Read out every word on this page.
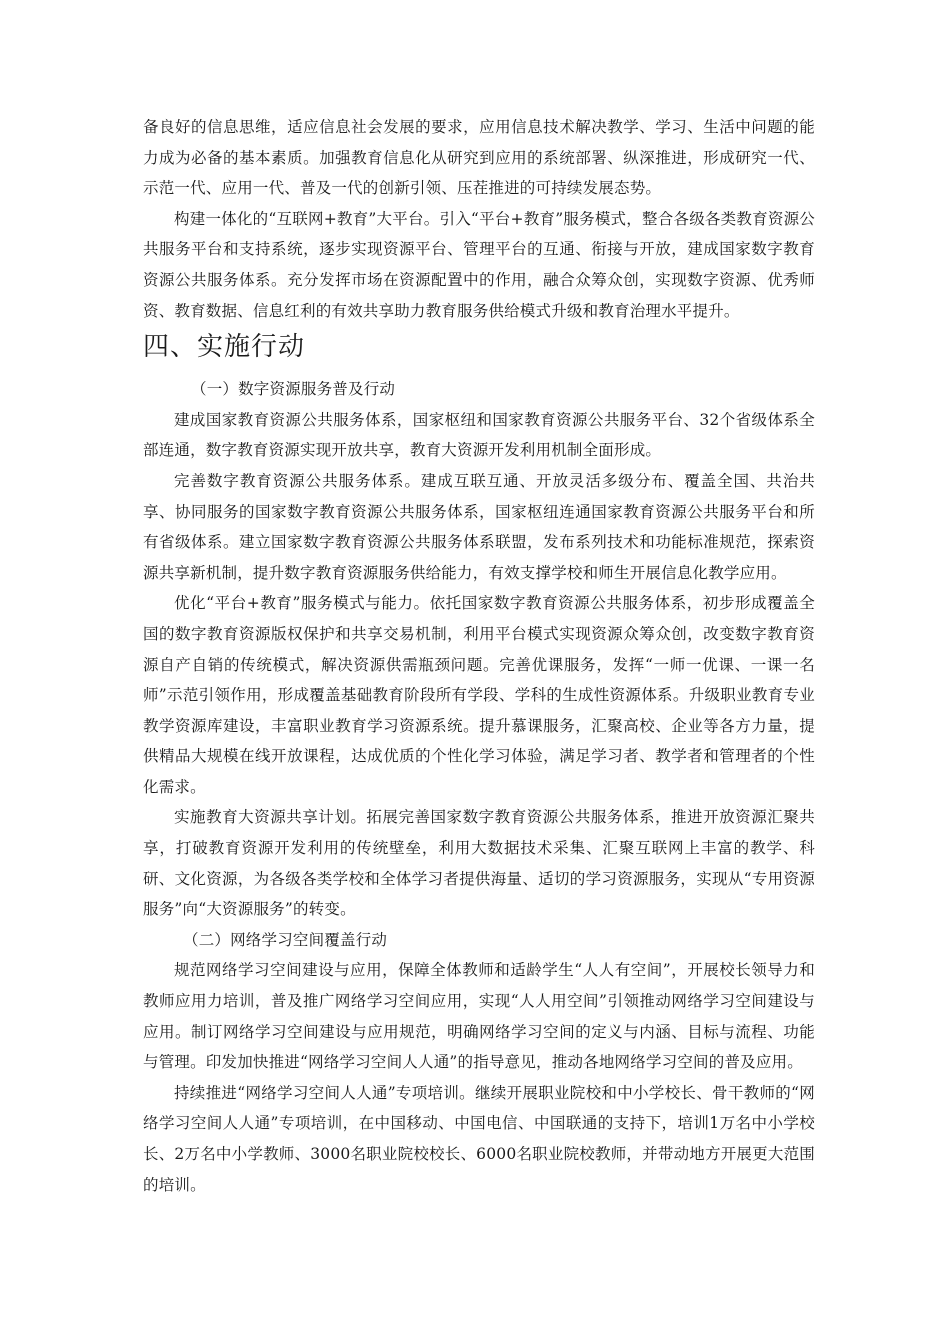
备良好的信息思维，适应信息社会发展的要求，应用信息技术解决教学、学习、生活中问题的能力成为必备的基本素质。加强教育信息化从研究到应用的系统部署、纵深推进，形成研究一代、示范一代、应用一代、普及一代的创新引领、压茬推进的可持续发展态势。

构建一体化的“互联网+教育”大平台。引入“平台+教育”服务模式，整合各级各类教育资源公共服务平台和支持系统，逐步实现资源平台、管理平台的互通、衔接与开放，建成国家数字教育资源公共服务体系。充分发挥市场在资源配置中的作用，融合众筹众创，实现数字资源、优秀师资、教育数据、信息红利的有效共享助力教育服务供给模式升级和教育治理水平提升。

四、实施行动
（一）数字资源服务普及行动

建成国家教育资源公共服务体系，国家枢纽和国家教育资源公共服务平台、32个省级体系全部连通，数字教育资源实现开放共享，教育大资源开发利用机制全面形成。

完善数字教育资源公共服务体系。建成互联互通、开放灵活多级分布、覆盖全国、共治共享、协同服务的国家数字教育资源公共服务体系，国家枢纽连通国家教育资源公共服务平台和所有省级体系。建立国家数字教育资源公共服务体系联盟，发布系列技术和功能标准规范，探索资源共享新机制，提升数字教育资源服务供给能力，有效支撑学校和师生开展信息化教学应用。

优化“平台+教育”服务模式与能力。依托国家数字教育资源公共服务体系，初步形成覆盖全国的数字教育资源版权保护和共享交易机制，利用平台模式实现资源众筹众创，改变数字教育资源自产自销的传统模式，解决资源供需瓶颈问题。完善优课服务，发挥“一师一优课、一课一名师”示范引领作用，形成覆盖基础教育阶段所有学段、学科的生成性资源体系。升级职业教育专业教学资源库建设，丰富职业教育学习资源系统。提升慕课服务，汇聚高校、企业等各方力量，提供精品大规模在线开放课程，达成优质的个性化学习体验，满足学习者、教学者和管理者的个性化需求。

实施教育大资源共享计划。拓展完善国家数字教育资源公共服务体系，推进开放资源汇聚共享，打破教育资源开发利用的传统壁垒，利用大数据技术采集、汇聚互联网上丰富的教学、科研、文化资源，为各级各类学校和全体学习者提供海量、适切的学习资源服务，实现从“专用资源服务”向“大资源服务”的转变。

（二）网络学习空间覆盖行动

规范网络学习空间建设与应用，保障全体教师和适龄学生“人人有空间”，开展校长领导力和教师应用力培训，普及推广网络学习空间应用，实现“人人用空间”引领推动网络学习空间建设与应用。制订网络学习空间建设与应用规范，明确网络学习空间的定义与内涵、目标与流程、功能与管理。印发加快推进“网络学习空间人人通”的指导意见，推动各地网络学习空间的普及应用。

持续推进“网络学习空间人人通”专项培训。继续开展职业院校和中小学校长、骨干教师的“网络学习空间人人通”专项培训，在中国移动、中国电信、中国联通的支持下，培训1万名中小学校长、2万名中小学教师、3000名职业院校校长、6000名职业院校教师，并带动地方开展更大范围的培训。
